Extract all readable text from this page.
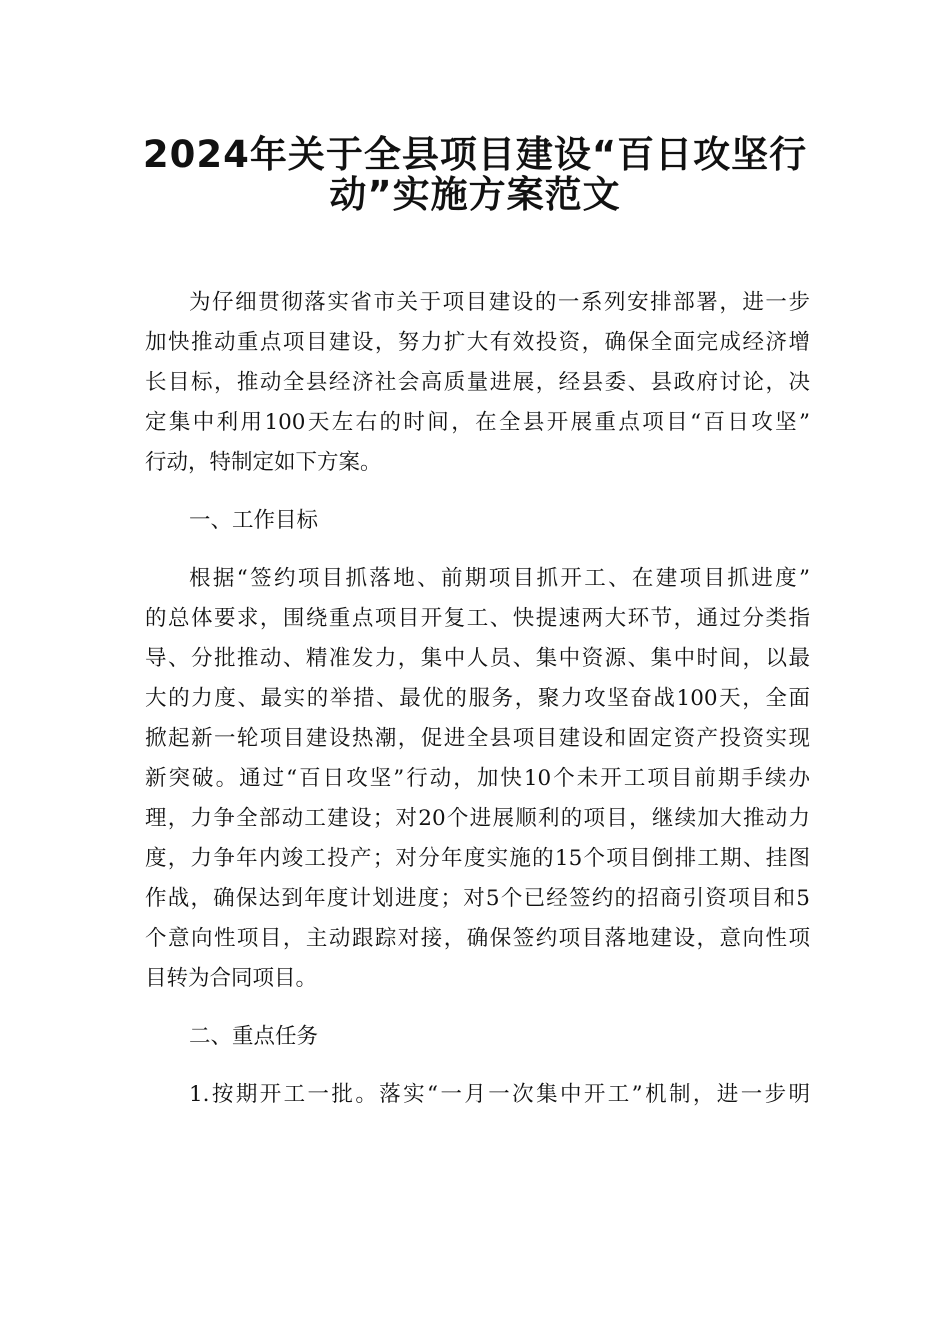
2024年关于全县项目建设“百日攻坚行
动”实施方案范文
为仔细贯彻落实省市关于项目建设的一系列安排部署，进一步
加快推动重点项目建设，努力扩大有效投资，确保全面完成经济增
长目标，推动全县经济社会高质量进展，经县委、县政府讨论，决
定集中利用100天左右的时间，在全县开展重点项目“百日攻坚”
行动，特制定如下方案。
一、工作目标
根据“签约项目抓落地、前期项目抓开工、在建项目抓进度”
的总体要求，围绕重点项目开复工、快提速两大环节，通过分类指
导、分批推动、精准发力，集中人员、集中资源、集中时间，以最
大的力度、最实的举措、最优的服务，聚力攻坚奋战100天，全面
掀起新一轮项目建设热潮，促进全县项目建设和固定资产投资实现
新突破。通过“百日攻坚”行动，加快10个未开工项目前期手续办
理，力争全部动工建设；对20个进展顺利的项目，继续加大推动力
度，力争年内竣工投产；对分年度实施的15个项目倒排工期、挂图
作战，确保达到年度计划进度；对5个已经签约的招商引资项目和5
个意向性项目，主动跟踪对接，确保签约项目落地建设，意向性项
目转为合同项目。
二、重点任务
1.按期开工一批。落实“一月一次集中开工”机制，进一步明
